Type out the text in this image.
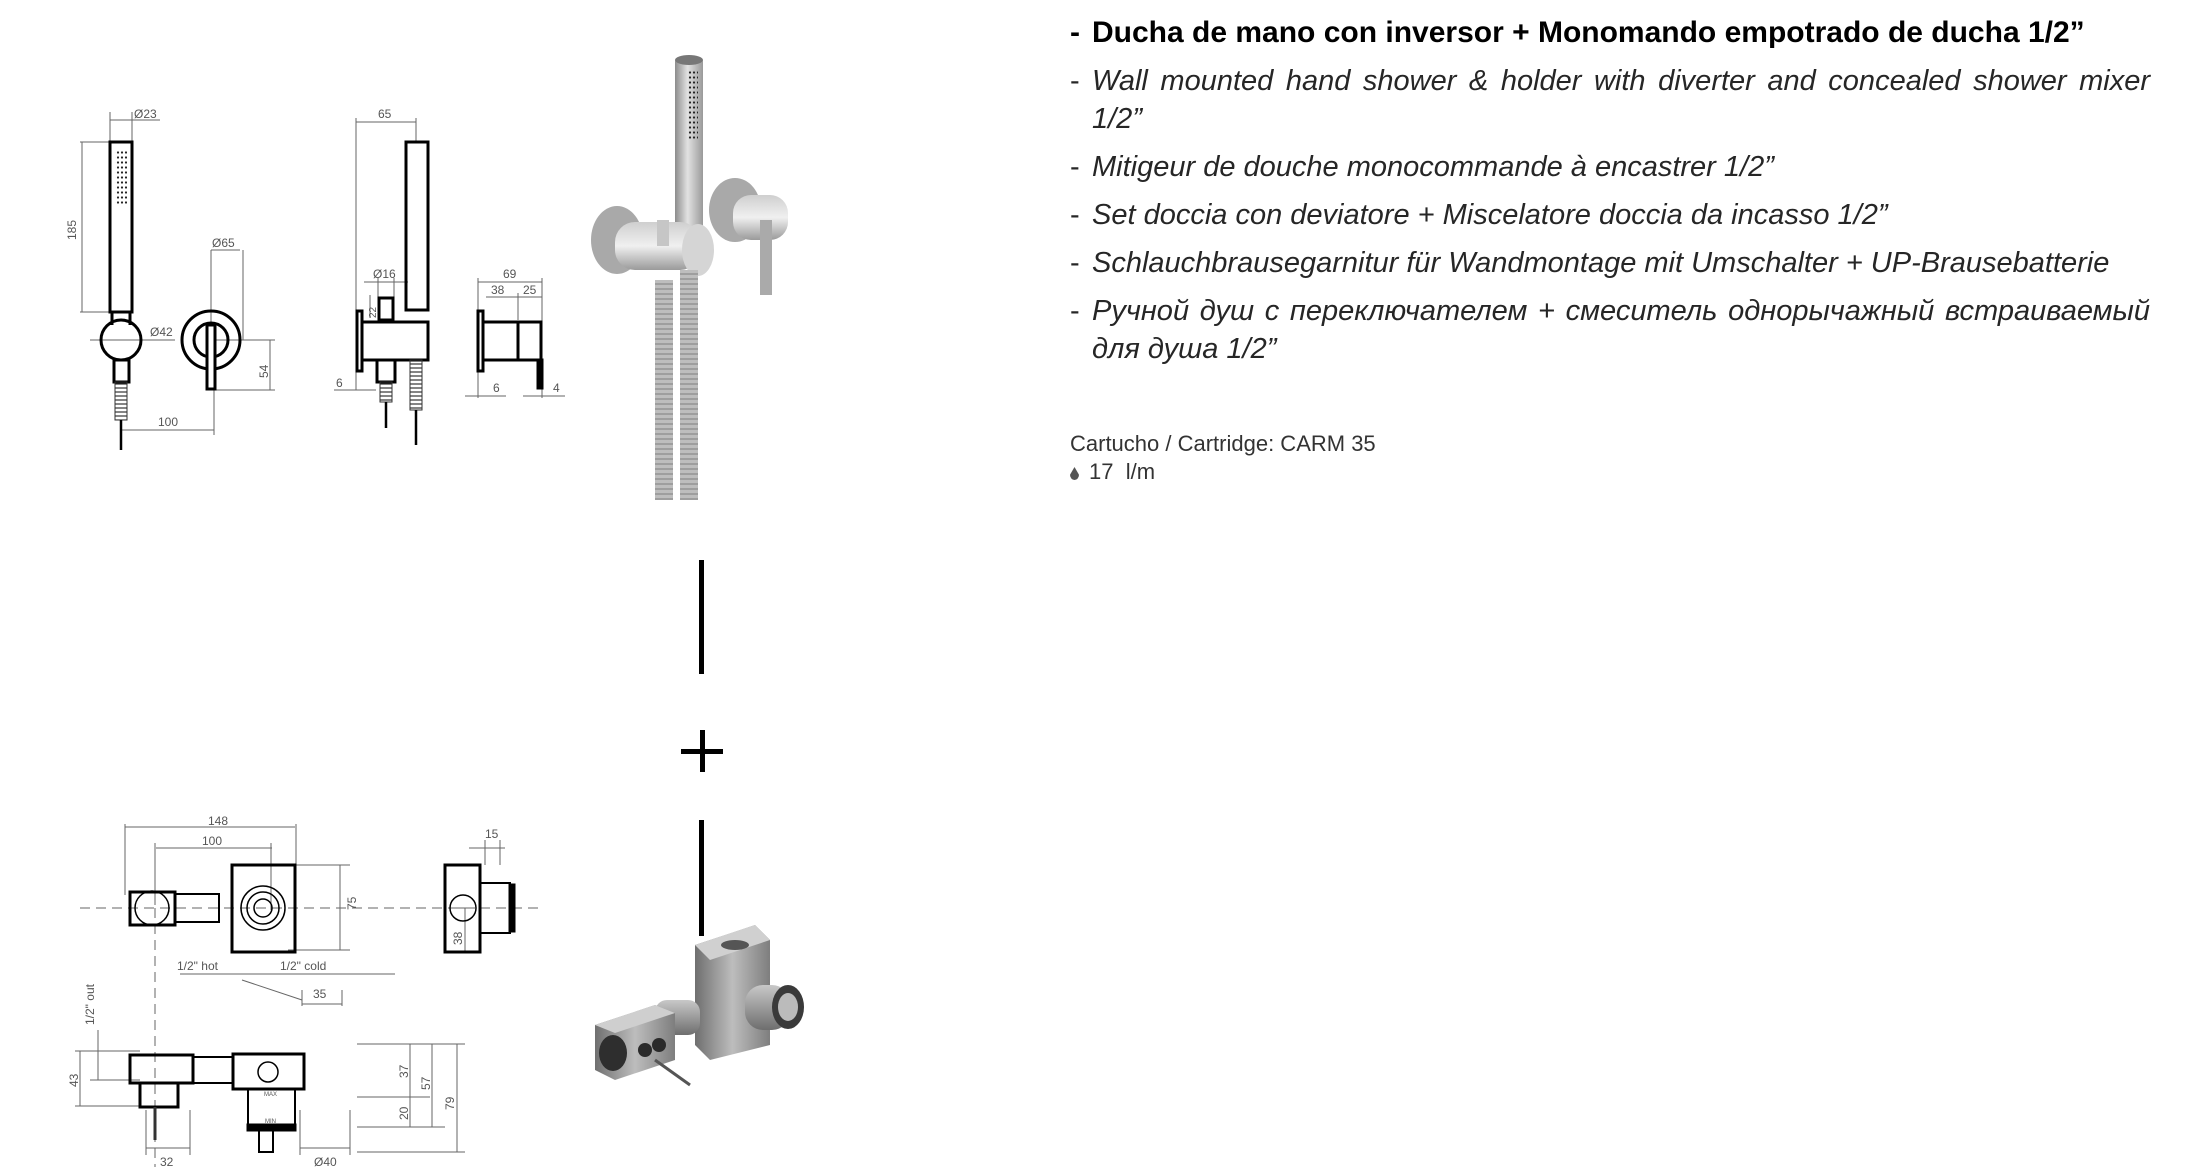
Ø23
185
Ø42
Ø65
54
100
65
Ø16
22
6
69
38 25
6	4
148
100
75
1/2" hot	1/2" cold
35
15
38
1/2" out
43
32	Ø40
37
20
57
79
MAX
MIN
- Ducha de mano con inversor + Monomando empotrado de ducha 1/2”
- Wall mounted hand shower & holder with diverter and concealed shower mixer 1/2”
- Mitigeur de douche monocommande à encastrer 1/2”
- Set doccia con deviatore + Miscelatore doccia da incasso 1/2”
- Schlauchbrausegarnitur für Wandmontage mit Umschalter + UP-Brausebatterie
- Ручной душ с переключателем + смеситель однорычажный встраиваемый для душа 1/2”
Cartucho / Cartridge: CARM 35
17 l/m
